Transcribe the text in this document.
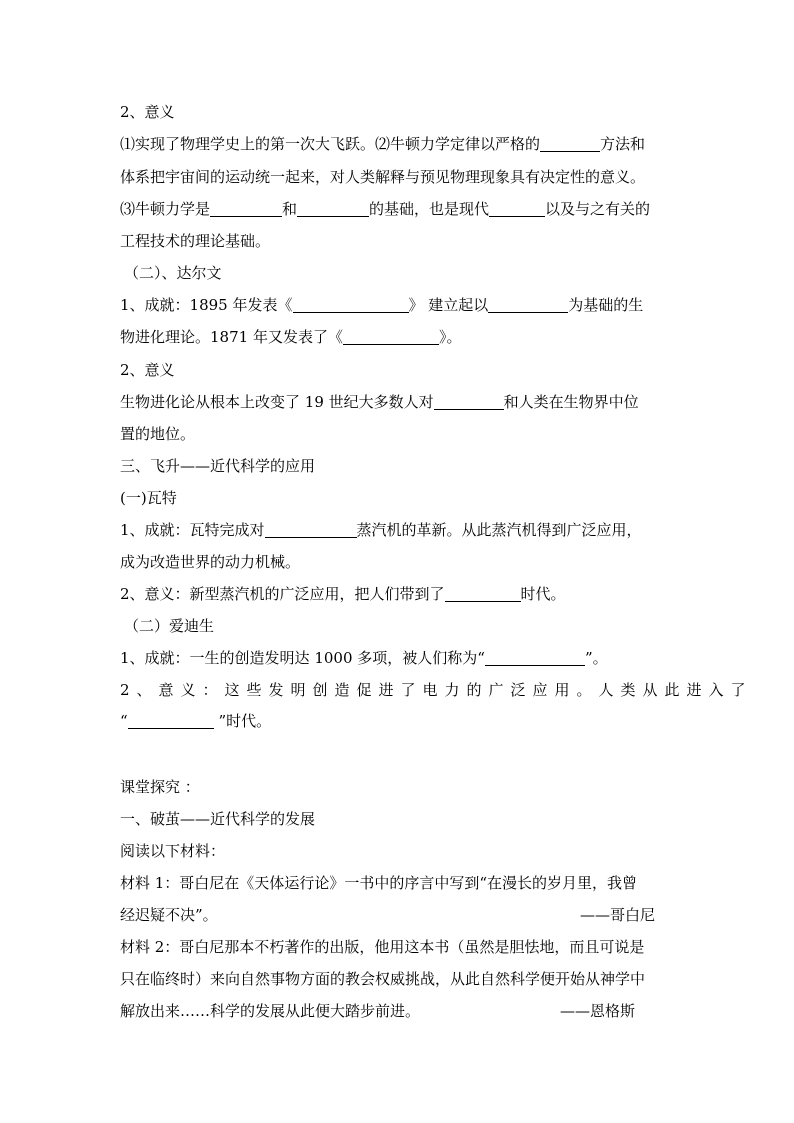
2、意义
⑴实现了物理学史上的第一次大飞跃。⑵牛顿力学定律以严格的	方法和
体系把宇宙间的运动统一起来，对人类解释与预见物理现象具有决定性的意义。
⑶牛顿力学是	和	的基础，也是现代	以及与之有关的
工程技术的理论基础。
（二）、达尔文
1、成就：1895 年发表《	》 建立起以	为基础的生
物进化理论。1871 年又发表了《	》。
2、意义
生物进化论从根本上改变了 19 世纪大多数人对	和人类在生物界中位
置的地位。
三、飞升——近代科学的应用
(一)瓦特
1、成就：瓦特完成对	蒸汽机的革新。从此蒸汽机得到广泛应用，
成为改造世界的动力机械。
2、意义：新型蒸汽机的广泛应用，把人们带到了	时代。
（二）爱迪生
1、成就：一生的创造发明达 1000 多项，被人们称为“	”。
2、意义：这些发明创造促进了电力的广泛应用。人类从此进入了
“	”时代。
课堂探究 ：
一、破茧——近代科学的发展
阅读以下材料：
材料 1：哥白尼在《天体运行论》一书中的序言中写到“在漫长的岁月里，我曾
经迟疑不决”。	——哥白尼
材料 2：哥白尼那本不朽著作的出版，他用这本书（虽然是胆怯地，而且可说是
只在临终时）来向自然事物方面的教会权威挑战，从此自然科学便开始从神学中
解放出来……科学的发展从此便大踏步前进。	——恩格斯
